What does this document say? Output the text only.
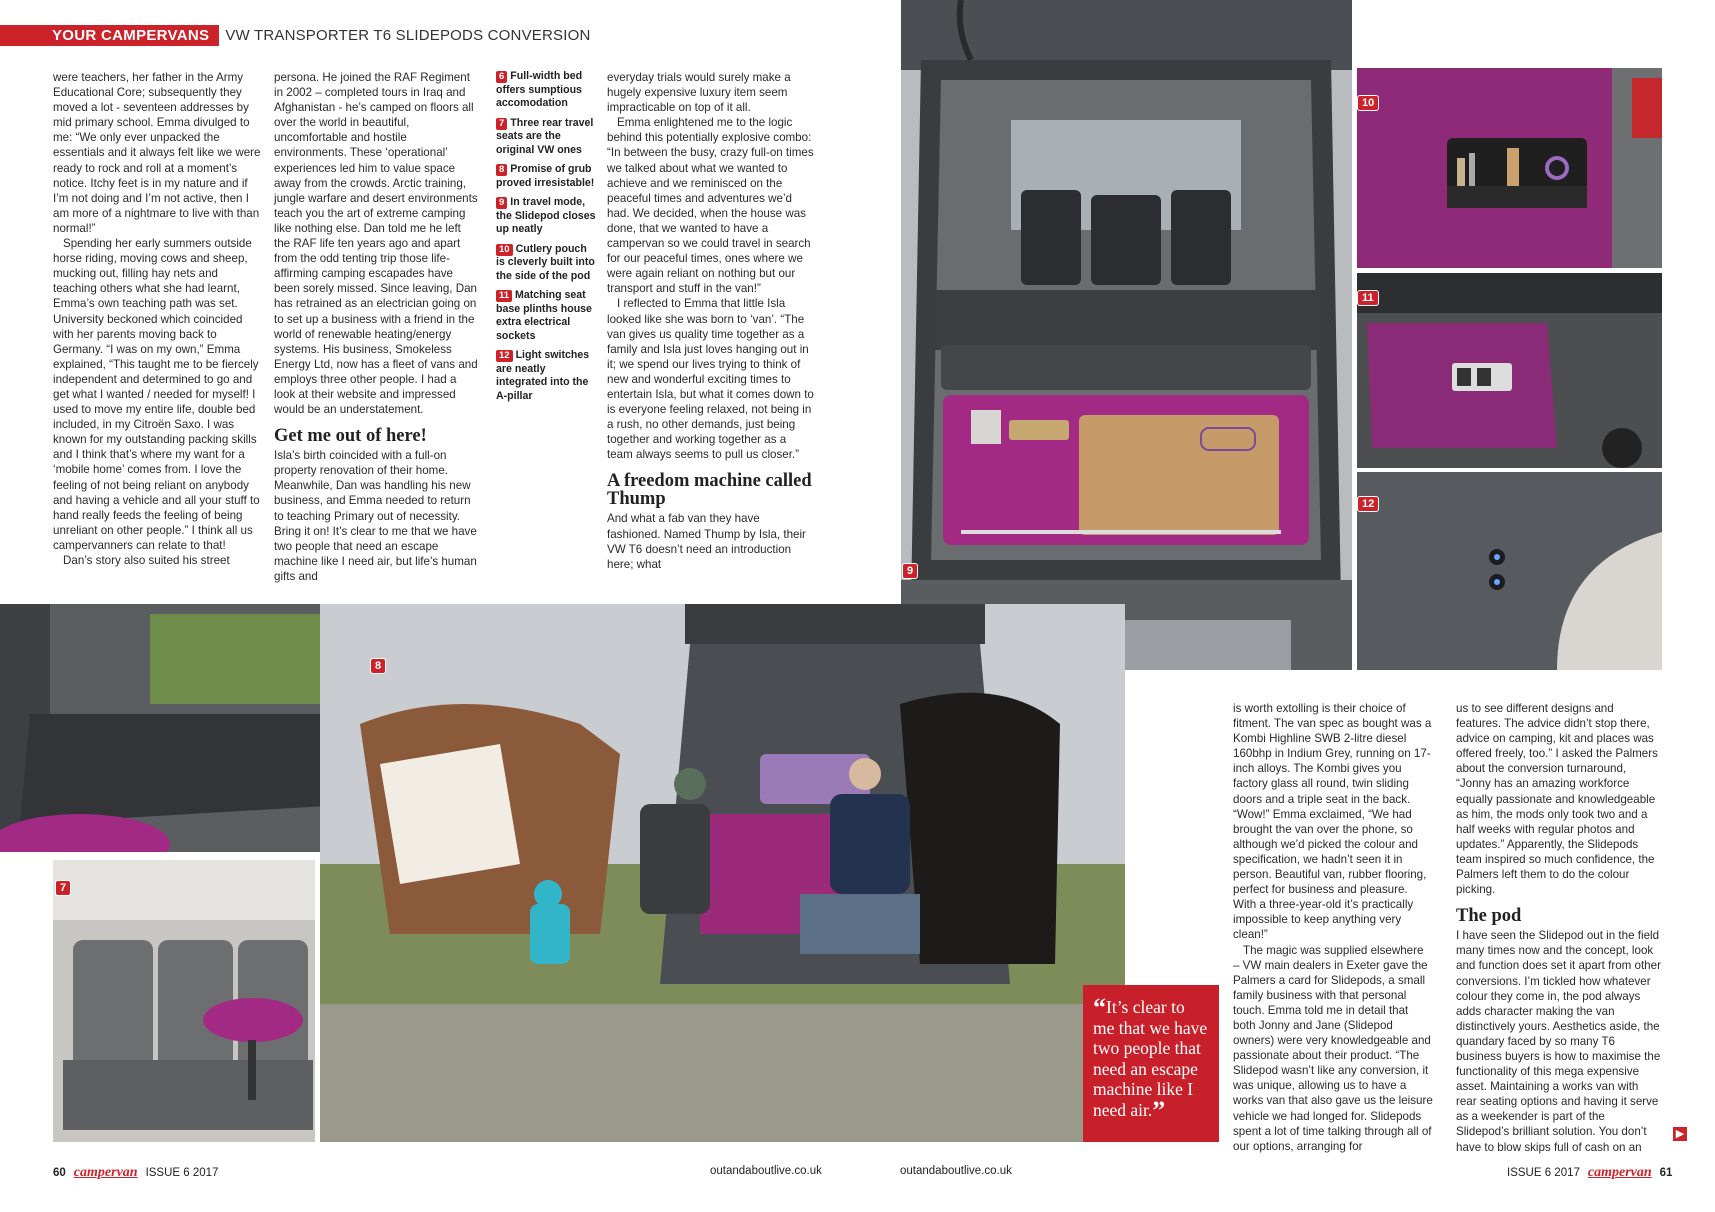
YOUR CAMPERVANS	VW TRANSPORTER T6 SLIDEPODS CONVERSION

were teachers, her father in the Army Educational Core; subsequently they moved a lot - seventeen addresses by mid primary school. Emma divulged to me: “We only ever unpacked the essentials and it always felt like we were ready to rock and roll at a moment’s notice. Itchy feet is in my nature and if I’m not doing and I’m not active, then I am more of a nightmare to live with than normal!”

Spending her early summers outside horse riding, moving cows and sheep, mucking out, filling hay nets and teaching others what she had learnt, Emma’s own teaching path was set. University beckoned which coincided with her parents moving back to Germany. “I was on my own,” Emma explained, “This taught me to be fiercely independent and determined to go and get what I wanted / needed for myself! I used to move my entire life, double bed included, in my Citroën Saxo. I was known for my outstanding packing skills and I think that’s where my want for a ‘mobile home’ comes from. I love the feeling of not being reliant on anybody and having a vehicle and all your stuff to hand really feeds the feeling of being unreliant on other people.” I think all us campervanners can relate to that!

Dan’s story also suited his street

persona. He joined the RAF Regiment in 2002 – completed tours in Iraq and Afghanistan - he’s camped on floors all over the world in beautiful, uncomfortable and hostile environments. These ‘operational’ experiences led him to value space away from the crowds. Arctic training, jungle warfare and desert environments teach you the art of extreme camping like nothing else. Dan told me he left the RAF life ten years ago and apart from the odd tenting trip those life-affirming camping escapades have been sorely missed. Since leaving, Dan has retrained as an electrician going on to set up a business with a friend in the world of renewable heating/energy systems. His business, Smokeless Energy Ltd, now has a fleet of vans and employs three other people. I had a look at their website and impressed would be an understatement.

Get me out of here!

Isla’s birth coincided with a full-on property renovation of their home. Meanwhile, Dan was handling his new business, and Emma needed to return to teaching Primary out of necessity. Bring it on! It’s clear to me that we have two people that need an escape machine like I need air, but life’s human gifts and

6 Full-width bed offers sumptious accomodation
7 Three rear travel seats are the original VW ones
8 Promise of grub proved irresistable!
9 In travel mode, the Slidepod closes up neatly
10 Cutlery pouch is cleverly built into the side of the pod
11 Matching seat base plinths house extra electrical sockets
12 Light switches are neatly integrated into the A-pillar

everyday trials would surely make a hugely expensive luxury item seem impracticable on top of it all.

Emma enlightened me to the logic behind this potentially explosive combo: “In between the busy, crazy full-on times we talked about what we wanted to achieve and we reminisced on the peaceful times and adventures we’d had. We decided, when the house was done, that we wanted to have a campervan so we could travel in search for our peaceful times, ones where we were again reliant on nothing but our transport and stuff in the van!”

I reflected to Emma that little Isla looked like she was born to ‘van’. “The van gives us quality time together as a family and Isla just loves hanging out in it; we spend our lives trying to think of new and wonderful exciting times to entertain Isla, but what it comes down to is everyone feeling relaxed, not being in a rush, no other demands, just being together and working together as a team always seems to pull us closer.”

A freedom machine called Thump

And what a fab van they have fashioned. Named Thump by Isla, their VW T6 doesn’t need an introduction here; what

9
10
11
12
7
8
“It’s clear to me that we have two people that need an escape machine like I need air.”

is worth extolling is their choice of fitment. The van spec as bought was a Kombi Highline SWB 2-litre diesel 160bhp in Indium Grey, running on 17-inch alloys. The Kombi gives you factory glass all round, twin sliding doors and a triple seat in the back. “Wow!” Emma exclaimed, “We had brought the van over the phone, so although we’d picked the colour and specification, we hadn’t seen it in person. Beautiful van, rubber flooring, perfect for business and pleasure. With a three-year-old it’s practically impossible to keep anything very clean!”

The magic was supplied elsewhere – VW main dealers in Exeter gave the Palmers a card for Slidepods, a small family business with that personal touch. Emma told me in detail that both Jonny and Jane (Slidepod owners) were very knowledgeable and passionate about their product. “The Slidepod wasn’t like any conversion, it was unique, allowing us to have a works van that also gave us the leisure vehicle we had longed for. Slidepods spent a lot of time talking through all of our options, arranging for

us to see different designs and features. The advice didn’t stop there, advice on camping, kit and places was offered freely, too.” I asked the Palmers about the conversion turnaround, “Jonny has an amazing workforce equally passionate and knowledgeable as him, the mods only took two and a half weeks with regular photos and updates.” Apparently, the Slidepods team inspired so much confidence, the Palmers left them to do the colour picking.

The pod

I have seen the Slidepod out in the field many times now and the concept, look and function does set it apart from other conversions. I’m tickled how whatever colour they come in, the pod always adds character making the van distinctively yours. Aesthetics aside, the quandary faced by so many T6 business buyers is how to maximise the functionality of this mega expensive asset. Maintaining a works van with rear seating options and having it serve as a weekender is part of the Slidepod’s brilliant solution. You don’t have to blow skips full of cash on an

▶
60 campervan ISSUE 6 2017	outandaboutlive.co.uk	outandaboutlive.co.uk	ISSUE 6 2017 campervan 61
